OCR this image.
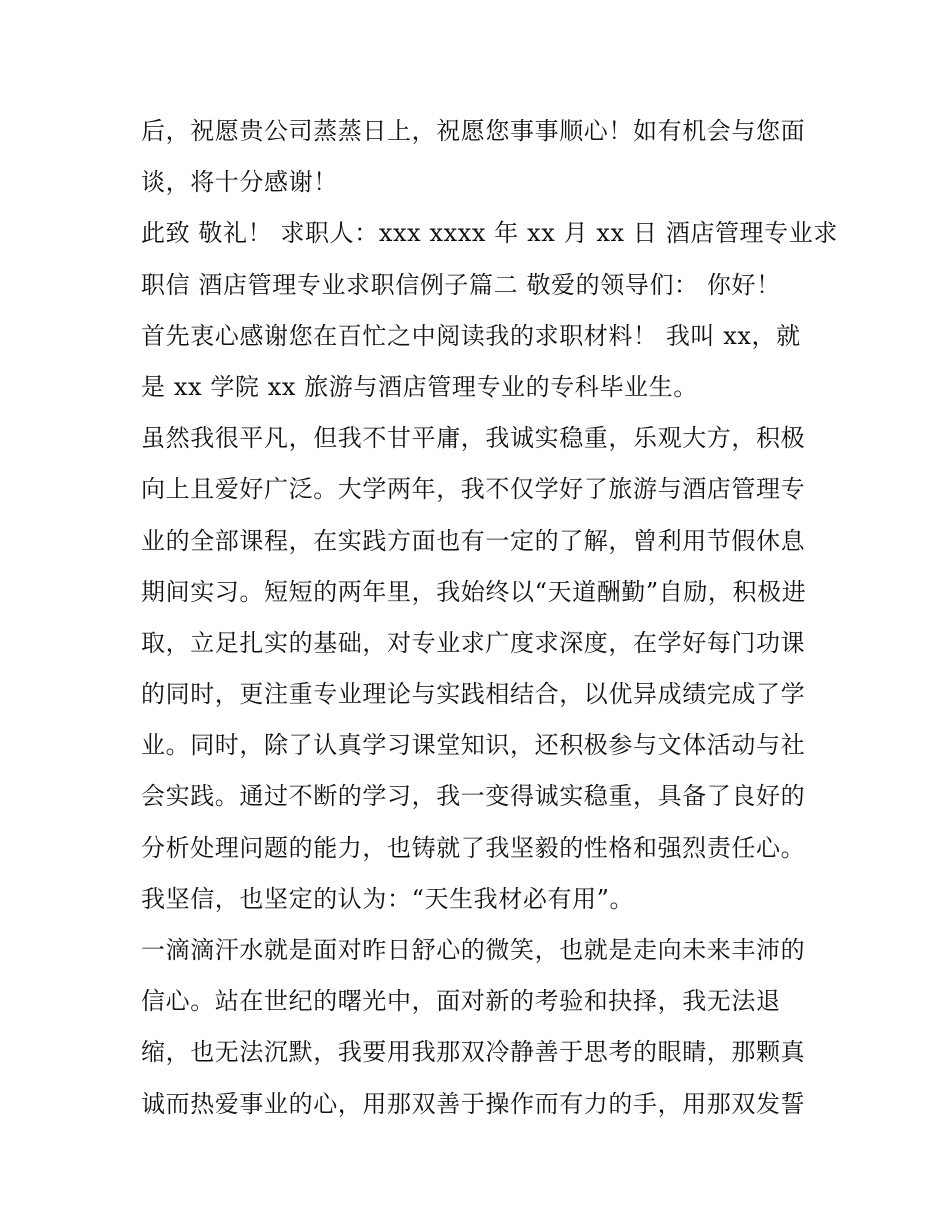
后，祝愿贵公司蒸蒸日上，祝愿您事事顺心！如有机会与您面
谈，将十分感谢！
此致 敬礼！ 求职人：xxx xxxx 年 xx 月 xx 日 酒店管理专业求
职信 酒店管理专业求职信例子篇二 敬爱的领导们： 你好！
首先衷心感谢您在百忙之中阅读我的求职材料！ 我叫 xx，就
是 xx 学院 xx 旅游与酒店管理专业的专科毕业生。
虽然我很平凡，但我不甘平庸，我诚实稳重，乐观大方，积极
向上且爱好广泛。大学两年，我不仅学好了旅游与酒店管理专
业的全部课程，在实践方面也有一定的了解，曾利用节假休息
期间实习。短短的两年里，我始终以“天道酬勤”自励，积极进
取，立足扎实的基础，对专业求广度求深度，在学好每门功课
的同时，更注重专业理论与实践相结合，以优异成绩完成了学
业。同时，除了认真学习课堂知识，还积极参与文体活动与社
会实践。通过不断的学习，我一变得诚实稳重，具备了良好的
分析处理问题的能力，也铸就了我坚毅的性格和强烈责任心。
我坚信，也坚定的认为：“天生我材必有用”。
一滴滴汗水就是面对昨日舒心的微笑，也就是走向未来丰沛的
信心。站在世纪的曙光中，面对新的考验和抉择，我无法退
缩，也无法沉默，我要用我那双冷静善于思考的眼睛，那颗真
诚而热爱事业的心，用那双善于操作而有力的手，用那双发誓
